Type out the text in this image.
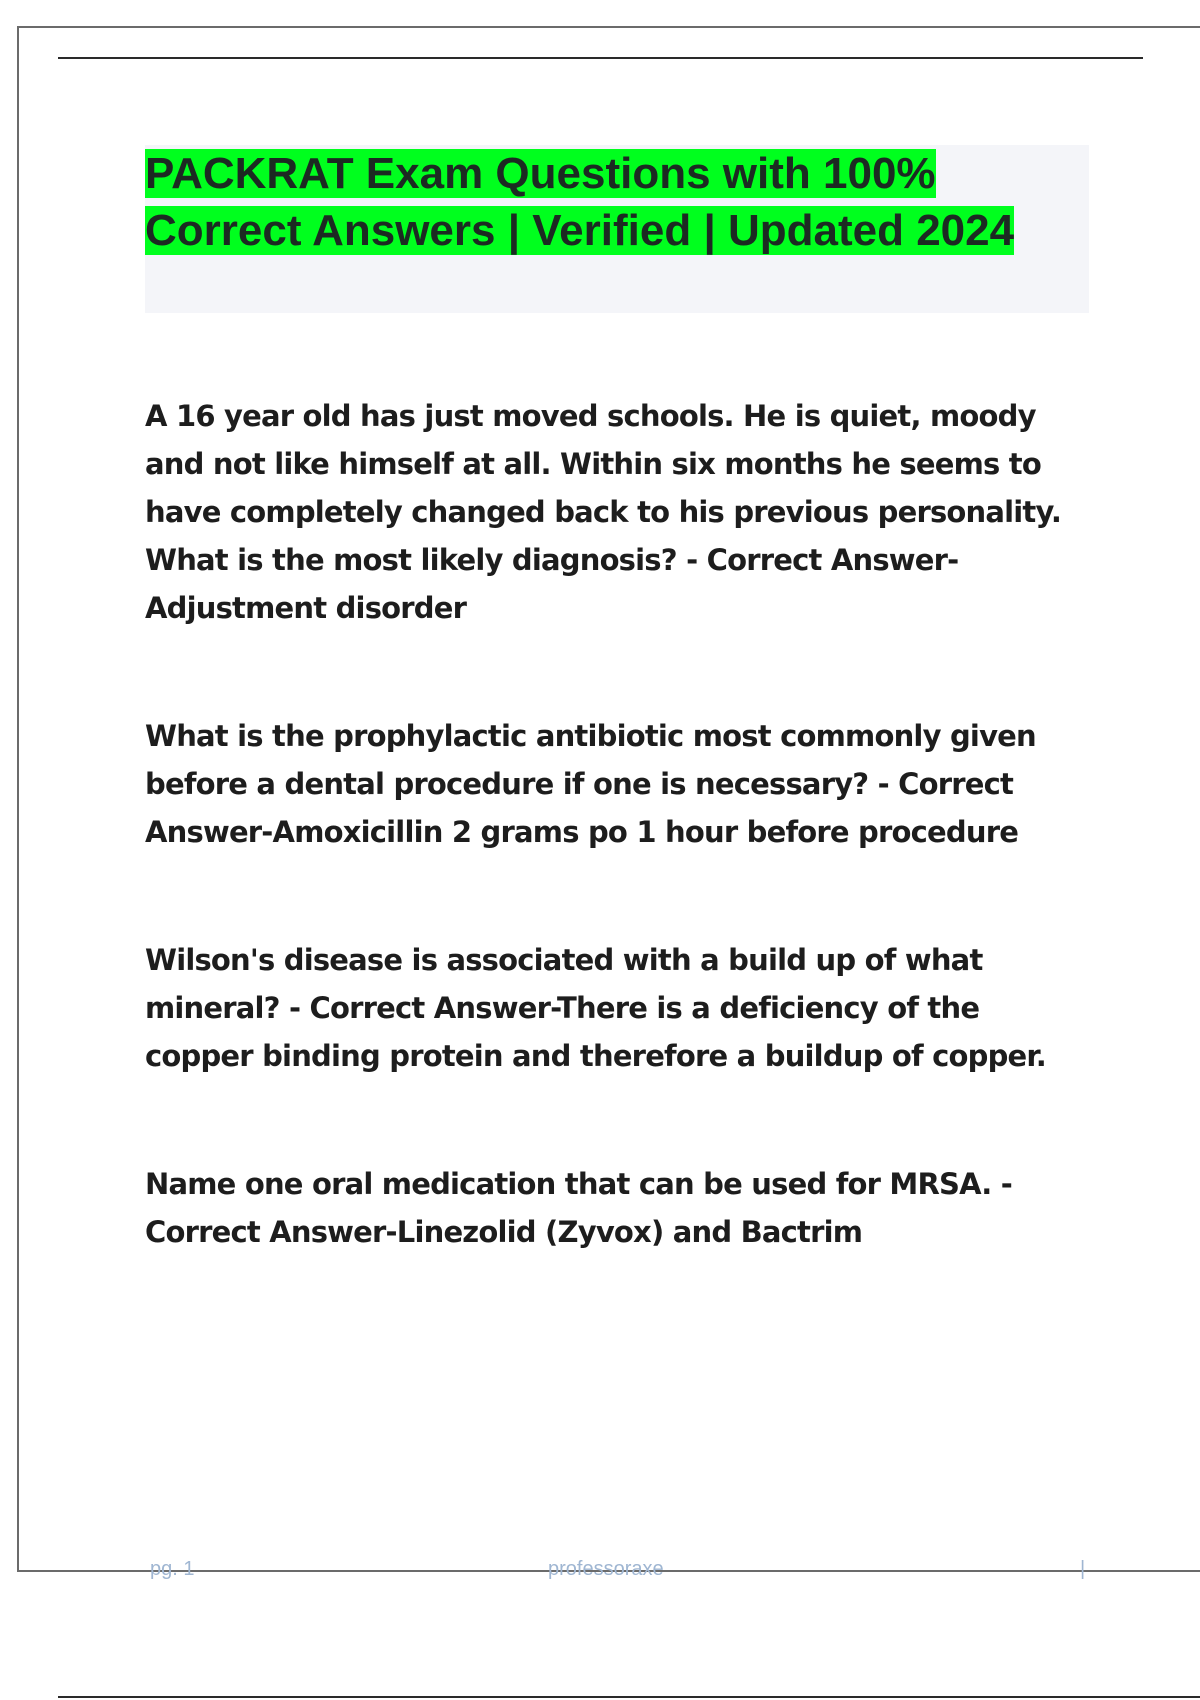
PACKRAT Exam Questions with 100% Correct Answers | Verified | Updated 2024

A 16 year old has just moved schools. He is quiet, moody and not like himself at all. Within six months he seems to have completely changed back to his previous personality. What is the most likely diagnosis? - Correct Answer-Adjustment disorder

What is the prophylactic antibiotic most commonly given before a dental procedure if one is necessary? - Correct Answer-Amoxicillin 2 grams po 1 hour before procedure

Wilson's disease is associated with a build up of what mineral? - Correct Answer-There is a deficiency of the copper binding protein and therefore a buildup of copper.

Name one oral medication that can be used for MRSA. - Correct Answer-Linezolid (Zyvox) and Bactrim

pg. 1	professoraxe	|
